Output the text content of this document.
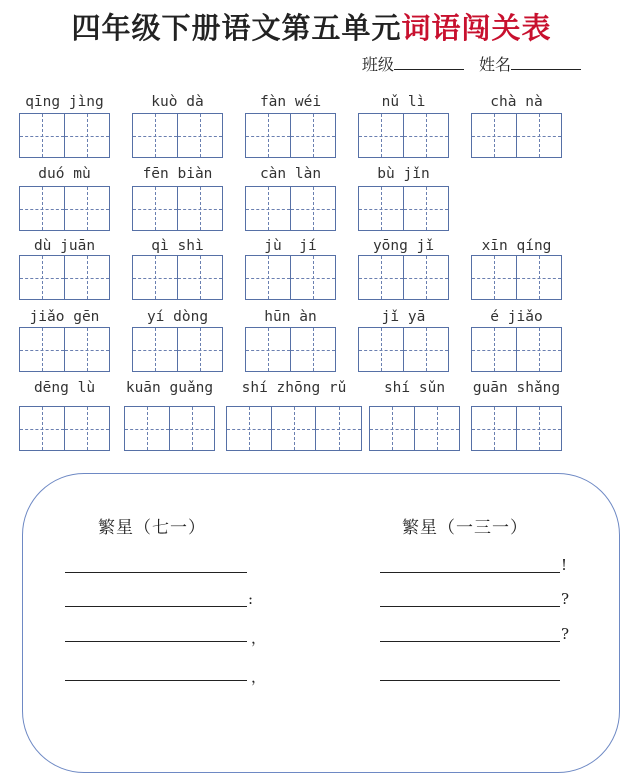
四年级下册语文第五单元词语闯关表
班级	姓名
qīng jìng	kuò dà	fàn wéi	nǔ lì	chà nà
duó mù	fēn biàn	càn làn	bù jǐn
dù juān	qì shì	jù  jí	yōng jǐ	xīn qíng
jiǎo gēn	yí dòng	hūn àn	jǐ yā	é jiǎo
dēng lù	kuān guǎng	shí zhōng rǔ	shí sǔn	guān shǎng
繁星（七一）
:
，
，
繁星（一三一）
!
?
?
